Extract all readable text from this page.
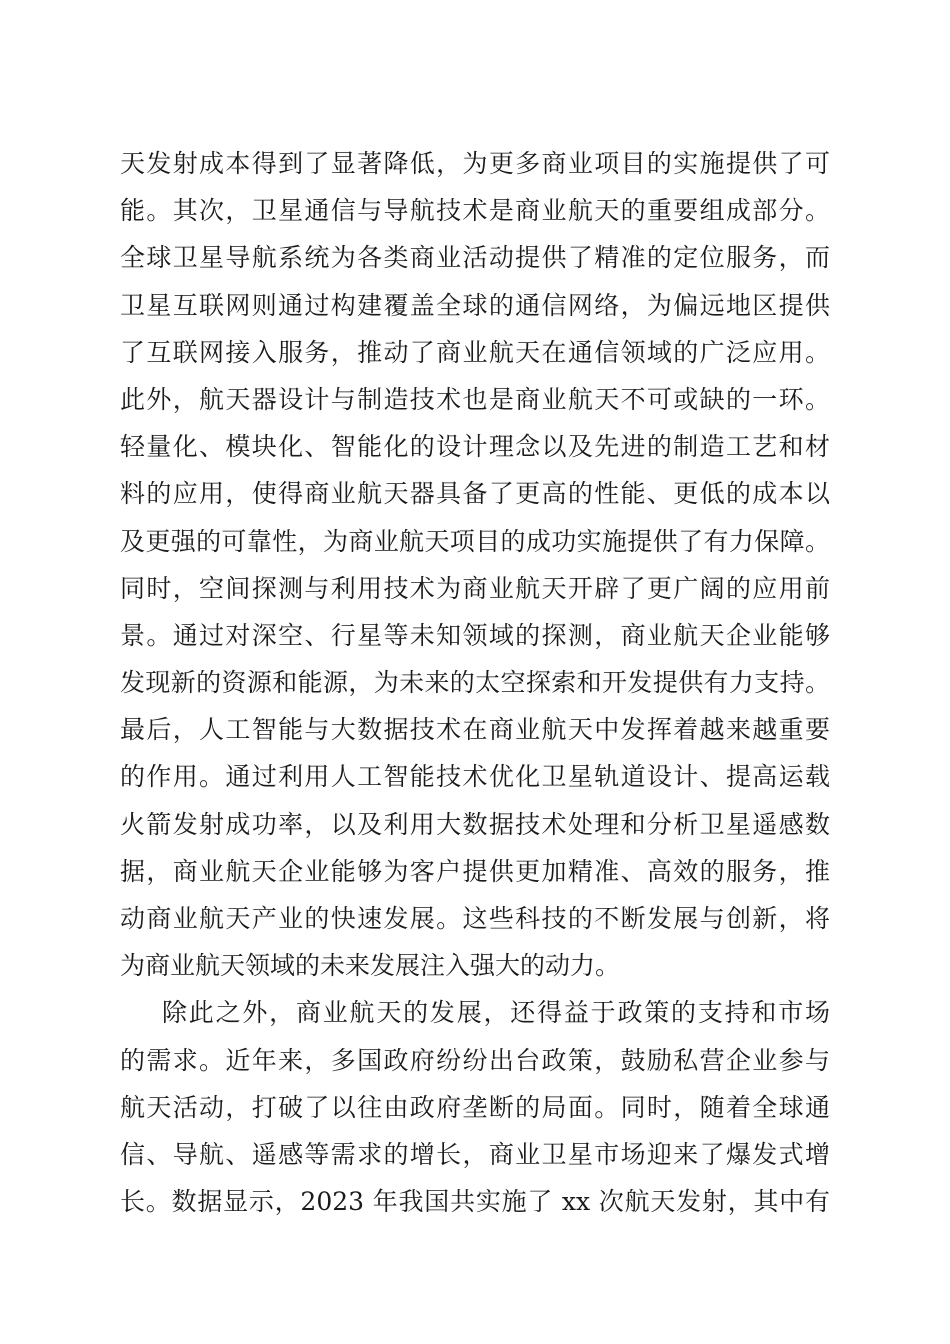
天发射成本得到了显著降低，为更多商业项目的实施提供了可
能。其次，卫星通信与导航技术是商业航天的重要组成部分。
全球卫星导航系统为各类商业活动提供了精准的定位服务，而
卫星互联网则通过构建覆盖全球的通信网络，为偏远地区提供
了互联网接入服务，推动了商业航天在通信领域的广泛应用。
此外，航天器设计与制造技术也是商业航天不可或缺的一环。
轻量化、模块化、智能化的设计理念以及先进的制造工艺和材
料的应用，使得商业航天器具备了更高的性能、更低的成本以
及更强的可靠性，为商业航天项目的成功实施提供了有力保障。
同时，空间探测与利用技术为商业航天开辟了更广阔的应用前
景。通过对深空、行星等未知领域的探测，商业航天企业能够
发现新的资源和能源，为未来的太空探索和开发提供有力支持。
最后，人工智能与大数据技术在商业航天中发挥着越来越重要
的作用。通过利用人工智能技术优化卫星轨道设计、提高运载
火箭发射成功率，以及利用大数据技术处理和分析卫星遥感数
据，商业航天企业能够为客户提供更加精准、高效的服务，推
动商业航天产业的快速发展。这些科技的不断发展与创新，将
为商业航天领域的未来发展注入强大的动力。
除此之外，商业航天的发展，还得益于政策的支持和市场
的需求。近年来，多国政府纷纷出台政策，鼓励私营企业参与
航天活动，打破了以往由政府垄断的局面。同时，随着全球通
信、导航、遥感等需求的增长，商业卫星市场迎来了爆发式增
长。数据显示，2023 年我国共实施了 xx 次航天发射，其中有
